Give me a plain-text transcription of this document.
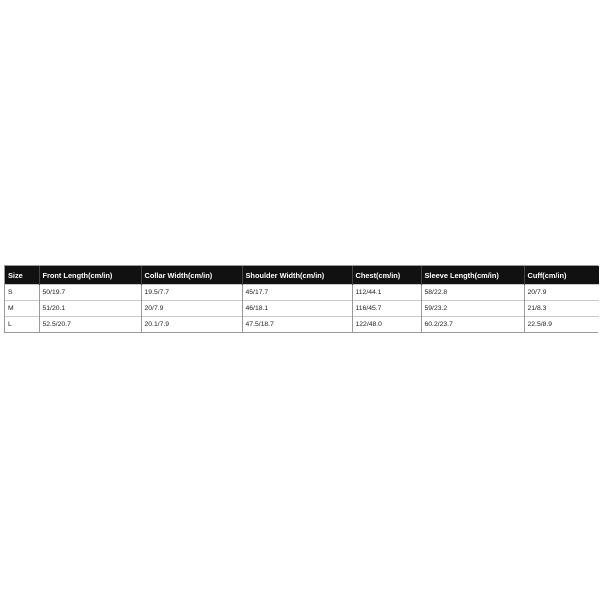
Size	Front Length(cm/in)	Collar Width(cm/in)	Shoulder Width(cm/in)	Chest(cm/in)	Sleeve Length(cm/in)	Cuff(cm/in)
S	50/19.7	19.5/7.7	45/17.7	112/44.1	58/22.8	20/7.9
M	51/20.1	20/7.9	46/18.1	116/45.7	59/23.2	21/8.3
L	52.5/20.7	20.1/7.9	47.5/18.7	122/48.0	60.2/23.7	22.5/8.9
